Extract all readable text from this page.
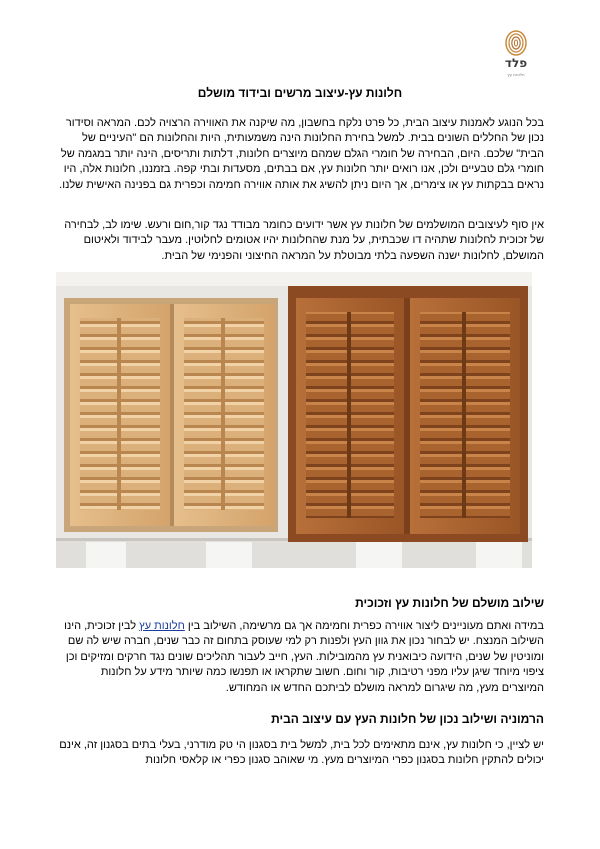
פלד
חלונות עץ
חלונות עץ-עיצוב מרשים ובידוד מושלם
בכל הנוגע לאמנות עיצוב הבית, כל פרט נלקח בחשבון, מה שיקנה את האווירה הרצויה לכם. המראה וסידור נכון של החללים השונים בבית. למשל בחירת החלונות הינה משמעותית, היות והחלונות הם "העיניים של הבית" שלכם. היום, הבחירה של חומרי הגלם שמהם מיוצרים חלונות, דלתות ותריסים, הינה יותר במגמה של חומרי גלם טבעיים ולכן, אנו רואים יותר חלונות עץ, אם בבתים, מסעדות ובתי קפה. בזמננו, חלונות אלה, היו נראים בבקתות עץ או צימרים, אך היום ניתן להשיג את אותה אווירה חמימה וכפרית גם בפנינה האישית שלנו.
אין סוף לעיצובים המושלמים של חלונות עץ אשר ידועים כחומר מבודד נגד קור,חום ורעש. שימו לב, לבחירה של זכוכית לחלונות שתהיה דו שכבתית, על מנת שהחלונות יהיו אטומים לחלוטין. מעבר לבידוד ולאיטום המושלם, לחלונות ישנה השפעה בלתי מבוטלת על המראה החיצוני והפנימי של הבית.
שילוב מושלם של חלונות עץ וזכוכית
במידה ואתם מעוניינים ליצור אווירה כפרית וחמימה אך גם מרשימה, השילוב בין חלונות עץ לבין זכוכית, הינו השילוב המנצח. יש לבחור נכון את גוון העץ ולפנות רק למי שעוסק בתחום זה כבר שנים, חברה שיש לה שם ומוניטין של שנים, הידועה כיבואנית עץ מהמובילות. העץ, חייב לעבור תהליכים שונים נגד חרקים ומזיקים וכן ציפוי מיוחד שיגן עליו מפני רטיבות, קור וחום. חשוב שתקראו או תפנשו כמה שיותר מידע על חלונות המיוצרים מעץ, מה שיגרום למראה מושלם לביתכם החדש או המחודש.
הרמוניה ושילוב נכון של חלונות העץ עם עיצוב הבית
יש לציין, כי חלונות עץ, אינם מתאימים לכל בית, למשל בית בסגנון הי טק מודרני, בעלי בתים בסגנון זה, אינם יכולים להתקין חלונות בסגנון כפרי המיוצרים מעץ. מי שאוהב סגנון כפרי או קלאסי חלונות
